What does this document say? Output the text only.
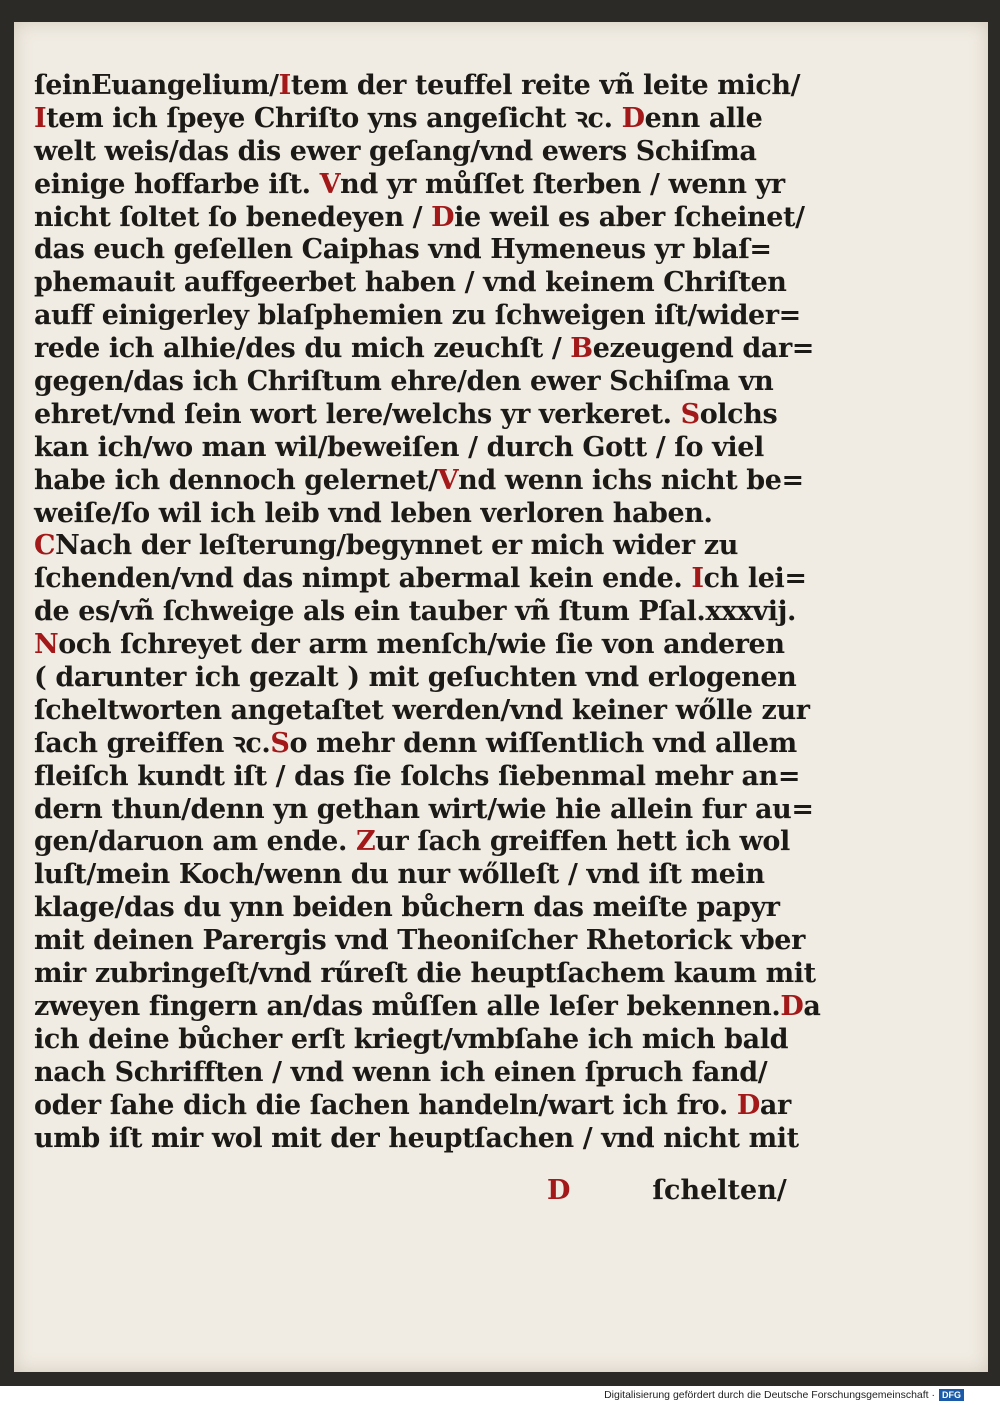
ſeinEuangelium/Item der teuffel reite vñ leite mich/
Item ich ſpeye Chriſto yns angeſicht ꝛc. Denn alle
welt weis/das dis ewer geſang/vnd ewers Schiſma
einige hoffarbe iſt. Vnd yr můſſet ſterben / wenn yr
nicht ſoltet ſo benedeyen / Die weil es aber ſcheinet/
das euch geſellen Caiphas vnd Hymeneus yr blaſ=
phemauit auffgeerbet haben / vnd keinem Chriſten
auff einigerley blaſphemien zu ſchweigen iſt/wider=
rede ich alhie/des du mich zeuchſt / Bezeugend dar=
gegen/das ich Chriſtum ehre/den ewer Schiſma vn
ehret/vnd ſein wort lere/welchs yr verkeret. Solchs
kan ich/wo man wil/beweiſen / durch Gott / ſo viel
habe ich dennoch gelernet/Vnd wenn ichs nicht be=
weiſe/ſo wil ich leib vnd leben verloren haben.
CNach der leſterung/begynnet er mich wider zu
ſchenden/vnd das nimpt abermal kein ende. Ich lei=
de es/vñ ſchweige als ein tauber vñ ſtum Pſal.xxxvij.
Noch ſchreyet der arm menſch/wie ſie von anderen
( darunter ich gezalt ) mit geſuchten vnd erlogenen
ſcheltworten angetaſtet werden/vnd keiner wőlle zur
ſach greiffen ꝛc.So mehr denn wiſſentlich vnd allem
fleiſch kundt iſt / das ſie ſolchs ſiebenmal mehr an=
dern thun/denn yn gethan wirt/wie hie allein fur au=
gen/daruon am ende. Zur ſach greiffen hett ich wol
luſt/mein Koch/wenn du nur wőlleſt / vnd iſt mein
klage/das du ynn beiden bůchern das meiſte papyr
mit deinen Parergis vnd Theoniſcher Rhetorick vber
mir zubringeſt/vnd rűreſt die heuptſachem kaum mit
zweyen fingern an/das můſſen alle leſer bekennen.Da
ich deine bůcher erſt kriegt/vmbſahe ich mich bald
nach Schrifften / vnd wenn ich einen ſpruch fand/
oder ſahe dich die ſachen handeln/wart ich fro. Dar
umb iſt mir wol mit der heuptſachen / vnd nicht mit
D	ſchelten/
Digitalisierung gefördert durch die Deutsche Forschungsgemeinschaft · DFG
